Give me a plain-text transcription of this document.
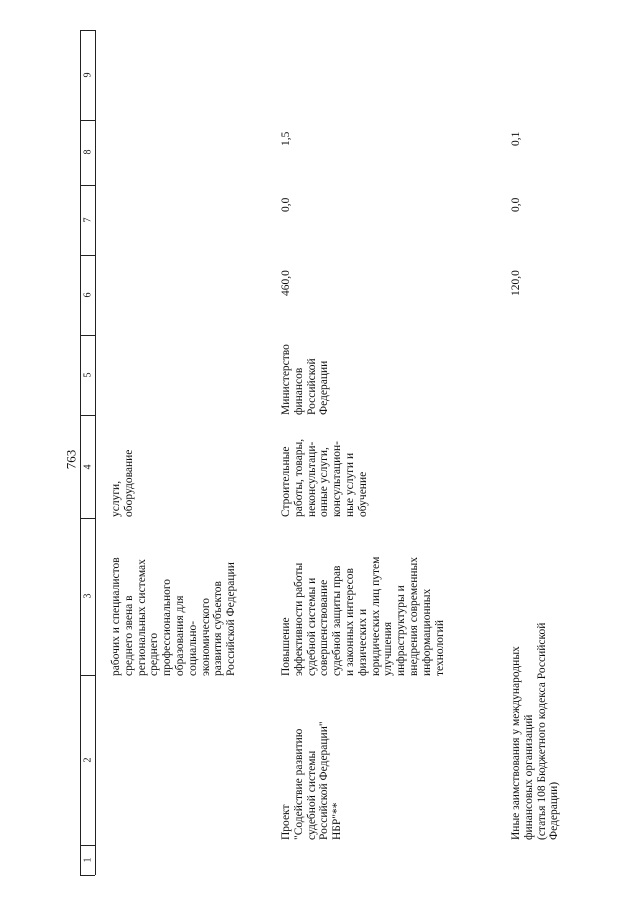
763
9
8
7
6
5
4
3
2
1
рабочих и специалистов
среднего звена в
региональных системах
среднего
профессионального
образования для
социально-
экономического
развития субъектов
Российской Федерации
услуги,
оборудование
Проект
"Содействие развитию
судебной системы
Российской Федерации"
НБР"**
Повышение
эффективности работы
судебной системы и
совершенствование
судебной защиты прав
и законных интересов
физических и
юридических лиц путем
улучшения
инфраструктуры и
внедрения современных
информационных
технологий
Строительные
работы, товары,
неконсультаци-
онные услуги,
консультацион-
ные услуги и
обучение
Министерство
финансов
Российской
Федерации
460,0
0,0
1,5
Иные заимствования у международных
финансовых организаций
(статья 108 Бюджетного кодекса Российской
Федерации)
120,0
0,0
0,1
